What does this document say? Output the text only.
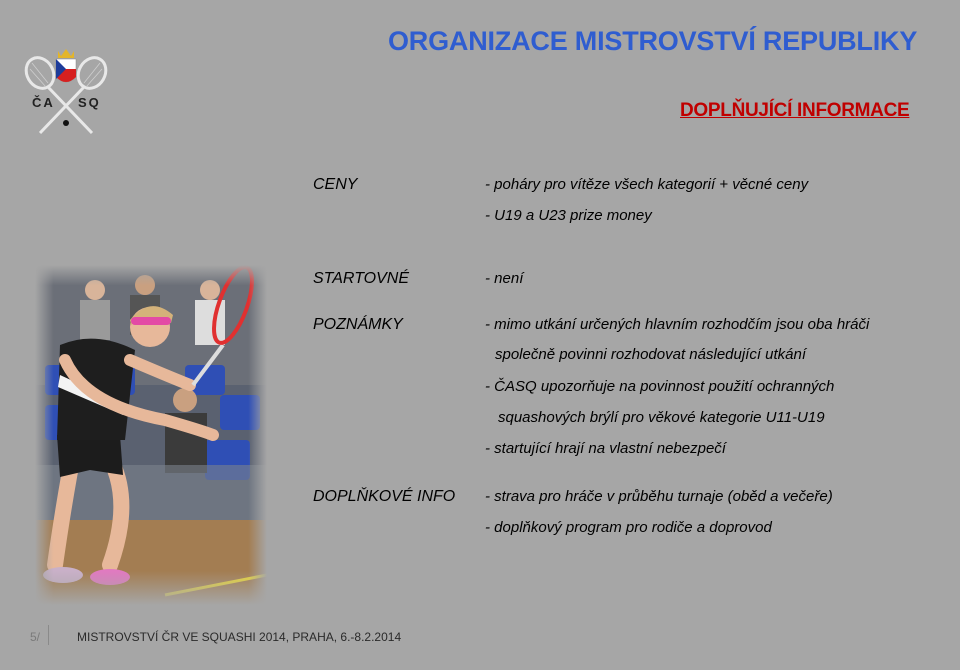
ČA SQ
ORGANIZACE MISTROVSTVÍ REPUBLIKY
DOPLŇUJÍCÍ INFORMACE
CENY
STARTOVNÉ
POZNÁMKY
DOPLŇKOVÉ INFO
- poháry pro vítěze všech kategorií + věcné ceny
- U19 a U23 prize money
- není
- mimo utkání určených hlavním rozhodčím jsou oba hráči
společně povinni rozhodovat následující utkání
- ČASQ upozorňuje na povinnost použití ochranných
squashových brýlí pro věkové kategorie U11-U19
- startující hrají na vlastní nebezpečí
- strava pro hráče v průběhu turnaje (oběd a večeře)
- doplňkový program pro rodiče a doprovod
5/	MISTROVSTVÍ ČR VE SQUASHI 2014, PRAHA, 6.-8.2.2014
